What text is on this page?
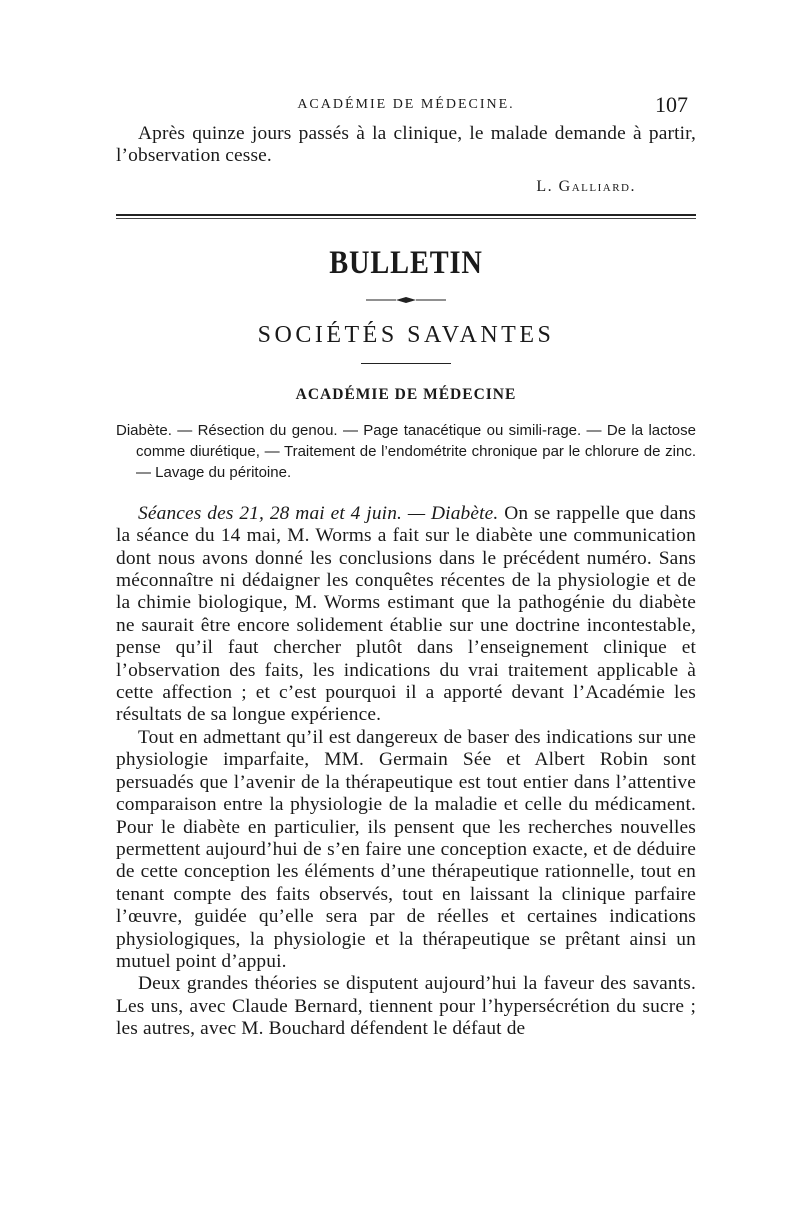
ACADÉMIE DE MÉDECINE.	107

Après quinze jours passés à la clinique, le malade demande à partir, l’observation cesse.

L. Galliard.
BULLETIN
SOCIÉTÉS SAVANTES
ACADÉMIE DE MÉDECINE

Diabète. — Résection du genou. — Page tanacétique ou simili-rage. — De la lactose comme diurétique, — Traitement de l’endométrite chronique par le chlorure de zinc. — Lavage du péritoine.

Séances des 21, 28 mai et 4 juin. — Diabète. On se rappelle que dans la séance du 14 mai, M. Worms a fait sur le diabète une communication dont nous avons donné les conclusions dans le précédent numéro. Sans méconnaître ni dédaigner les conquêtes récentes de la physiologie et de la chimie biologique, M. Worms estimant que la pathogénie du diabète ne saurait être encore solidement établie sur une doctrine incontestable, pense qu’il faut chercher plutôt dans l’enseignement clinique et l’observation des faits, les indications du vrai traitement applicable à cette affection ; et c’est pourquoi il a apporté devant l’Académie les résultats de sa longue expérience.

Tout en admettant qu’il est dangereux de baser des indications sur une physiologie imparfaite, MM. Germain Sée et Albert Robin sont persuadés que l’avenir de la thérapeutique est tout entier dans l’attentive comparaison entre la physiologie de la maladie et celle du médicament. Pour le diabète en particulier, ils pensent que les recherches nouvelles permettent aujourd’hui de s’en faire une conception exacte, et de déduire de cette conception les éléments d’une thérapeutique rationnelle, tout en tenant compte des faits observés, tout en laissant la clinique parfaire l’œuvre, guidée qu’elle sera par de réelles et certaines indications physiologiques, la physiologie et la thérapeutique se prêtant ainsi un mutuel point d’appui.

Deux grandes théories se disputent aujourd’hui la faveur des savants. Les uns, avec Claude Bernard, tiennent pour l’hypersécrétion du sucre ; les autres, avec M. Bouchard défendent le défaut de
